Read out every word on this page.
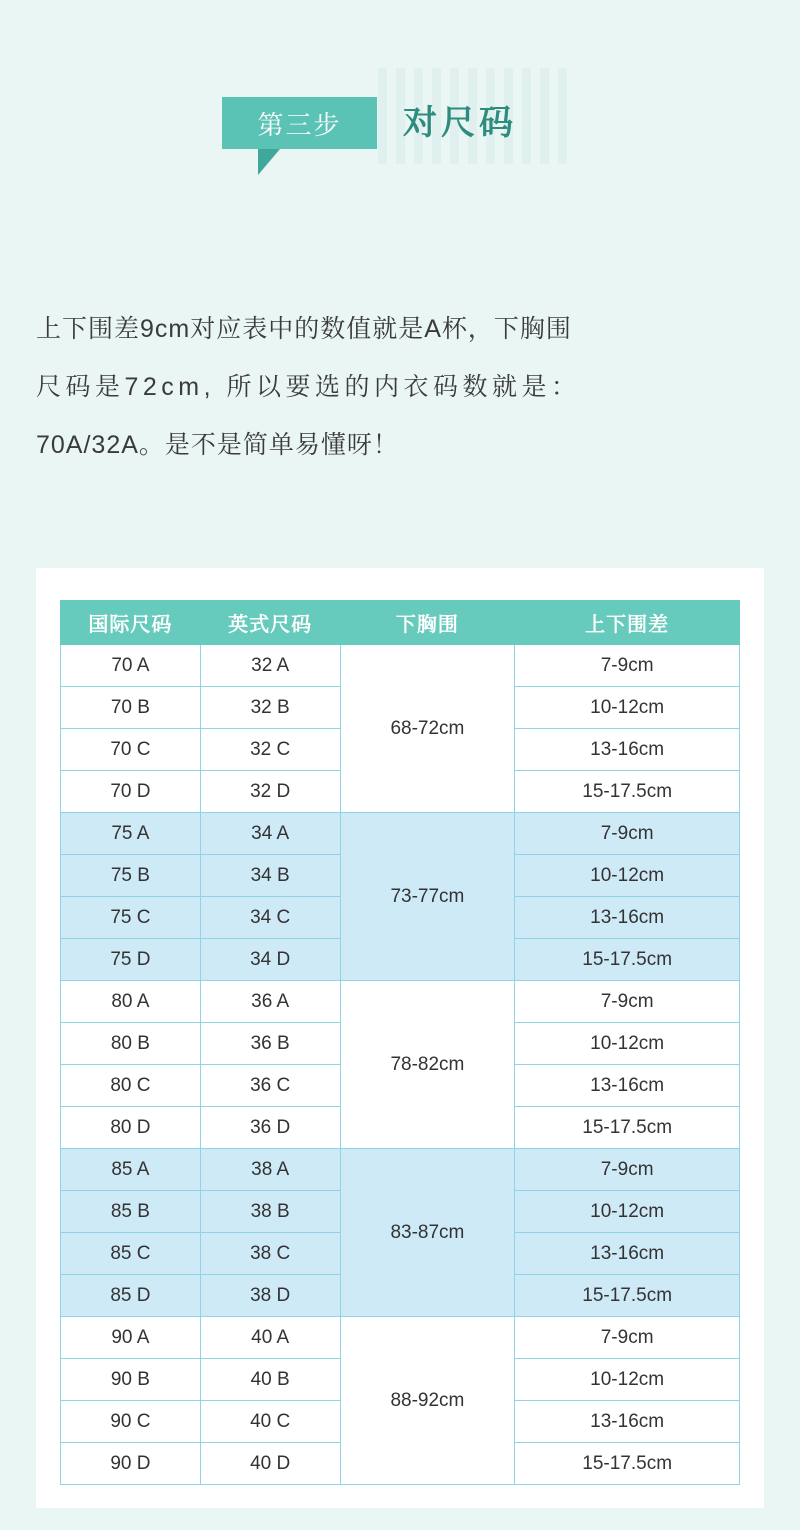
第三步	对尺码
上下围差9cm对应表中的数值就是A杯，下胸围
尺码是72cm, 所以要选的内衣码数就是：
70A/32A。是不是简单易懂呀！
国际尺码	英式尺码	下胸围	上下围差
70 A	32 A	68-72cm	7-9cm
70 B	32 B		10-12cm
70 C	32 C		13-16cm
70 D	32 D		15-17.5cm
75 A	34 A	73-77cm	7-9cm
75 B	34 B		10-12cm
75 C	34 C		13-16cm
75 D	34 D		15-17.5cm
80 A	36 A	78-82cm	7-9cm
80 B	36 B		10-12cm
80 C	36 C		13-16cm
80 D	36 D		15-17.5cm
85 A	38 A	83-87cm	7-9cm
85 B	38 B		10-12cm
85 C	38 C		13-16cm
85 D	38 D		15-17.5cm
90 A	40 A	88-92cm	7-9cm
90 B	40 B		10-12cm
90 C	40 C		13-16cm
90 D	40 D		15-17.5cm
